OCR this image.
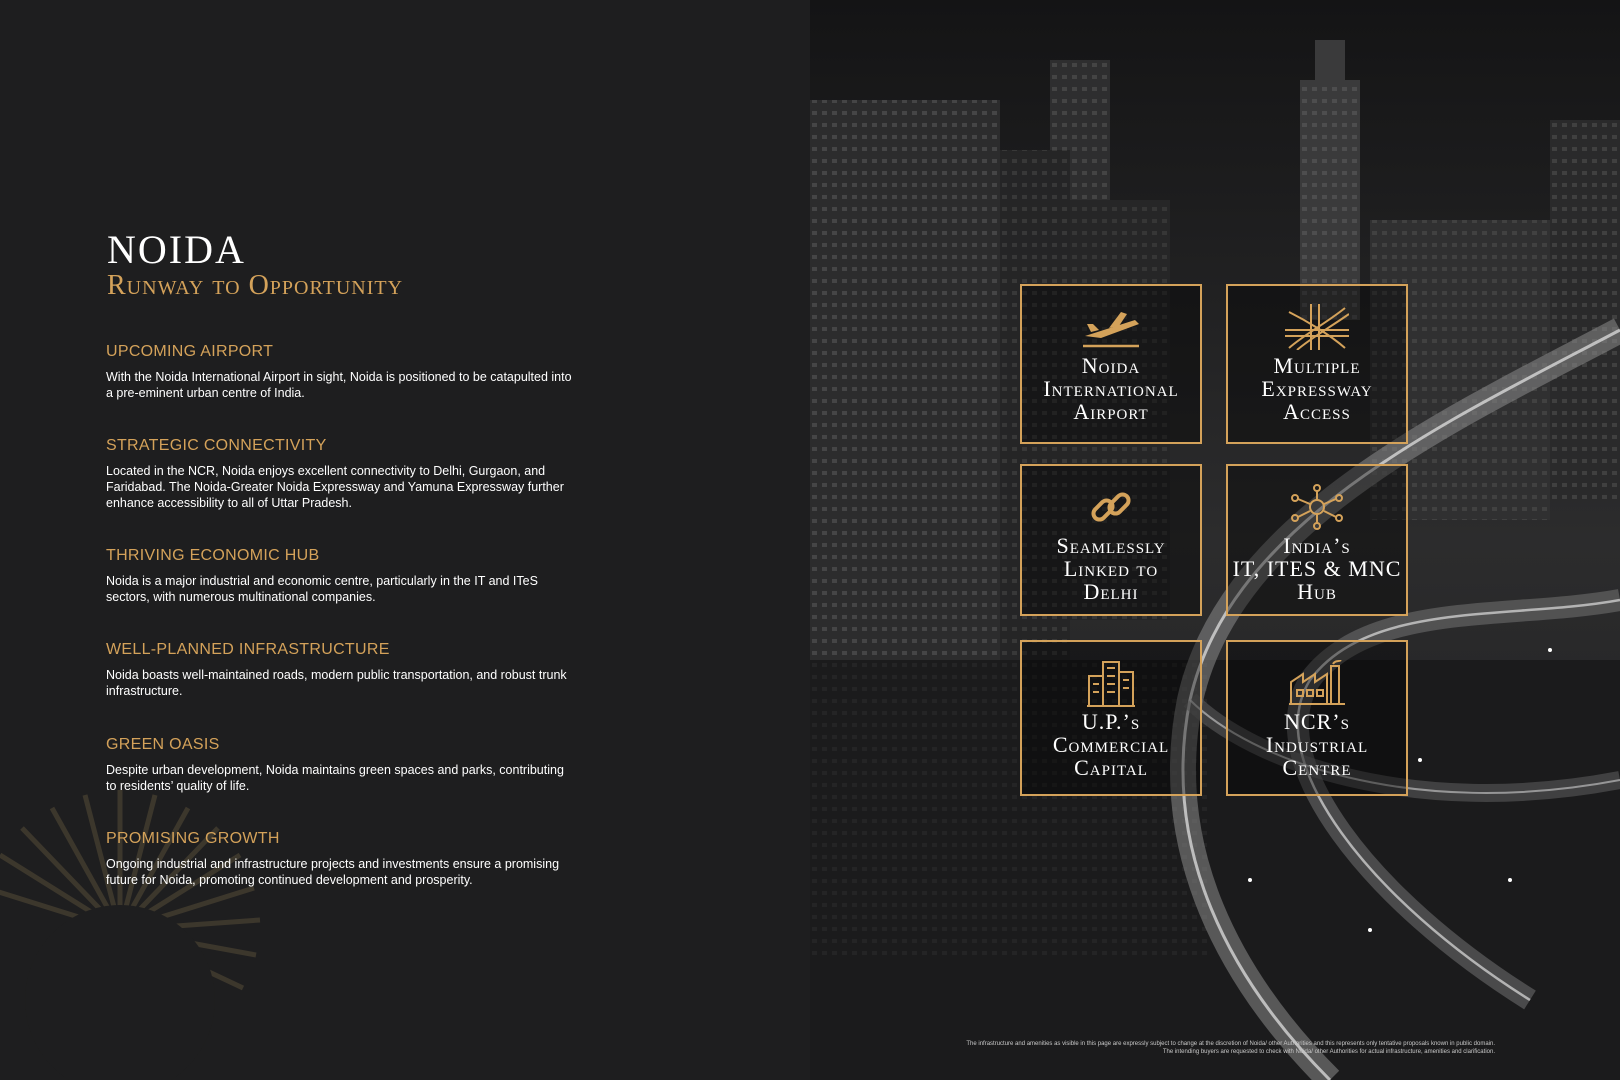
NOIDA
Runway to Opportunity
UPCOMING AIRPORT

With the Noida International Airport in sight, Noida is positioned to be catapulted into a pre-eminent urban centre of India.

STRATEGIC CONNECTIVITY

Located in the NCR, Noida enjoys excellent connectivity to Delhi, Gurgaon, and Faridabad. The Noida-Greater Noida Expressway and Yamuna Expressway further enhance accessibility to all of Uttar Pradesh.

THRIVING ECONOMIC HUB

Noida is a major industrial and economic centre, particularly in the IT and ITeS sectors, with numerous multinational companies.

WELL-PLANNED INFRASTRUCTURE

Noida boasts well-maintained roads, modern public transportation, and robust trunk infrastructure.

GREEN OASIS

Despite urban development, Noida maintains green spaces and parks, contributing to residents’ quality of life.

PROMISING GROWTH

Ongoing industrial and infrastructure projects and investments ensure a promising future for Noida, promoting continued development and prosperity.

Noida
International
Airport
Multiple
Expressway
Access
Seamlessly
Linked to
Delhi
India’s
IT, ITES & MNC
Hub
U.P.’s
Commercial
Capital
NCR’s
Industrial
Centre
The infrastructure and amenities as visible in this page are expressly subject to change at the discretion of Noida/ other Authorities and this represents only tentative proposals known in public domain.
The intending buyers are requested to check with Noida/ other Authorities for actual infrastructure, amenities and clarification.
